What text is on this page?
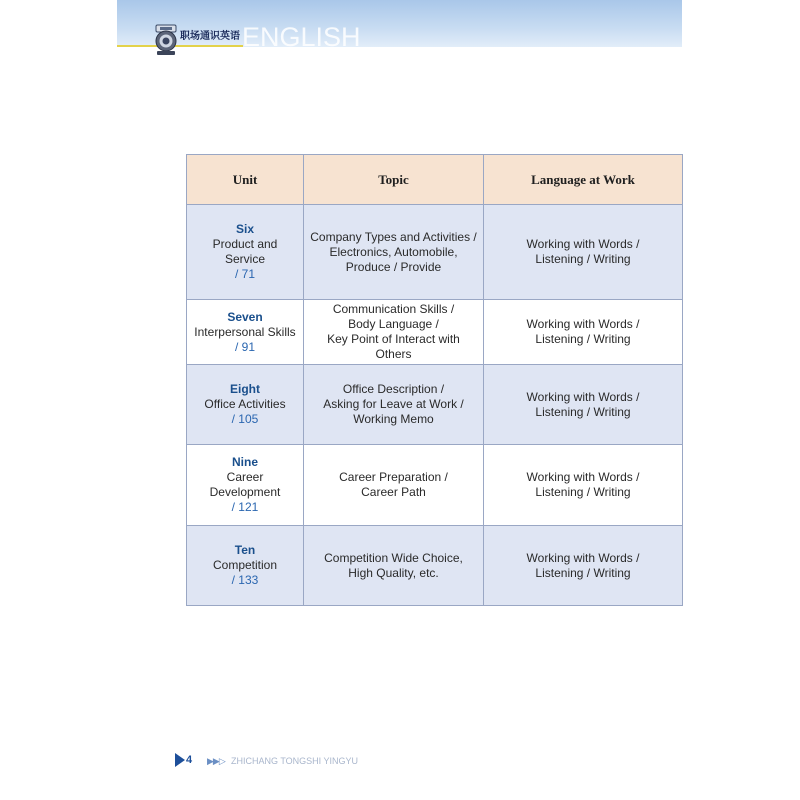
ENGLISH
职场通识英语
Unit	Topic	Language at Work

Six
Product and Service
/ 71	Company Types and Activities /
Electronics, Automobile,
Produce / Provide	Working with Words /
Listening / Writing

Seven
Interpersonal Skills
/ 91	Communication Skills /
Body Language /
Key Point of Interact with Others	Working with Words /
Listening / Writing

Eight
Office Activities
/ 105	Office Description /
Asking for Leave at Work /
Working Memo	Working with Words /
Listening / Writing

Nine
Career
Development
/ 121	Career Preparation /
Career Path	Working with Words /
Listening / Writing

Ten
Competition
/ 133	Competition Wide Choice,
High Quality, etc.	Working with Words /
Listening / Writing
4 ▶▶▷ ZHICHANG TONGSHI YINGYU
